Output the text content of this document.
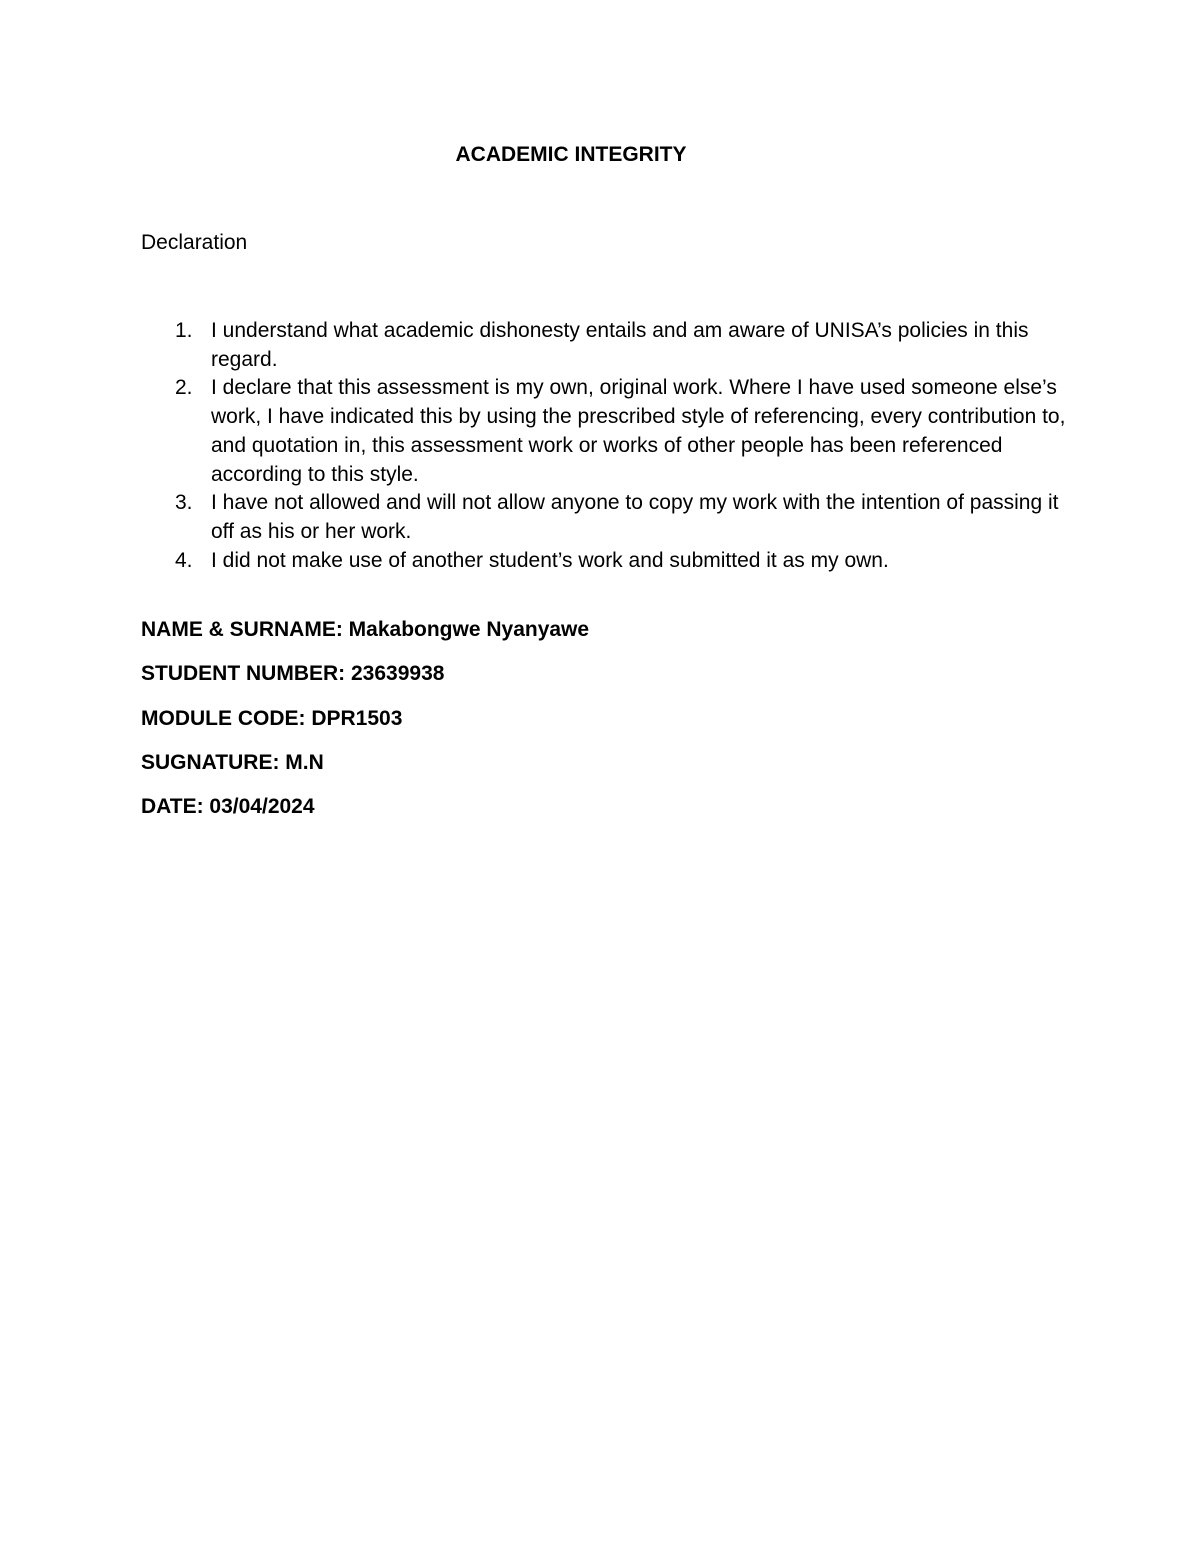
ACADEMIC INTEGRITY
Declaration
1. I understand what academic dishonesty entails and am aware of UNISA’s policies in this regard.
2. I declare that this assessment is my own, original work. Where I have used someone else’s work, I have indicated this by using the prescribed style of referencing, every contribution to, and quotation in, this assessment work or works of other people has been referenced according to this style.
3. I have not allowed and will not allow anyone to copy my work with the intention of passing it off as his or her work.
4. I did not make use of another student’s work and submitted it as my own.
NAME & SURNAME: Makabongwe Nyanyawe
STUDENT NUMBER: 23639938
MODULE CODE: DPR1503
SUGNATURE: M.N
DATE: 03/04/2024
